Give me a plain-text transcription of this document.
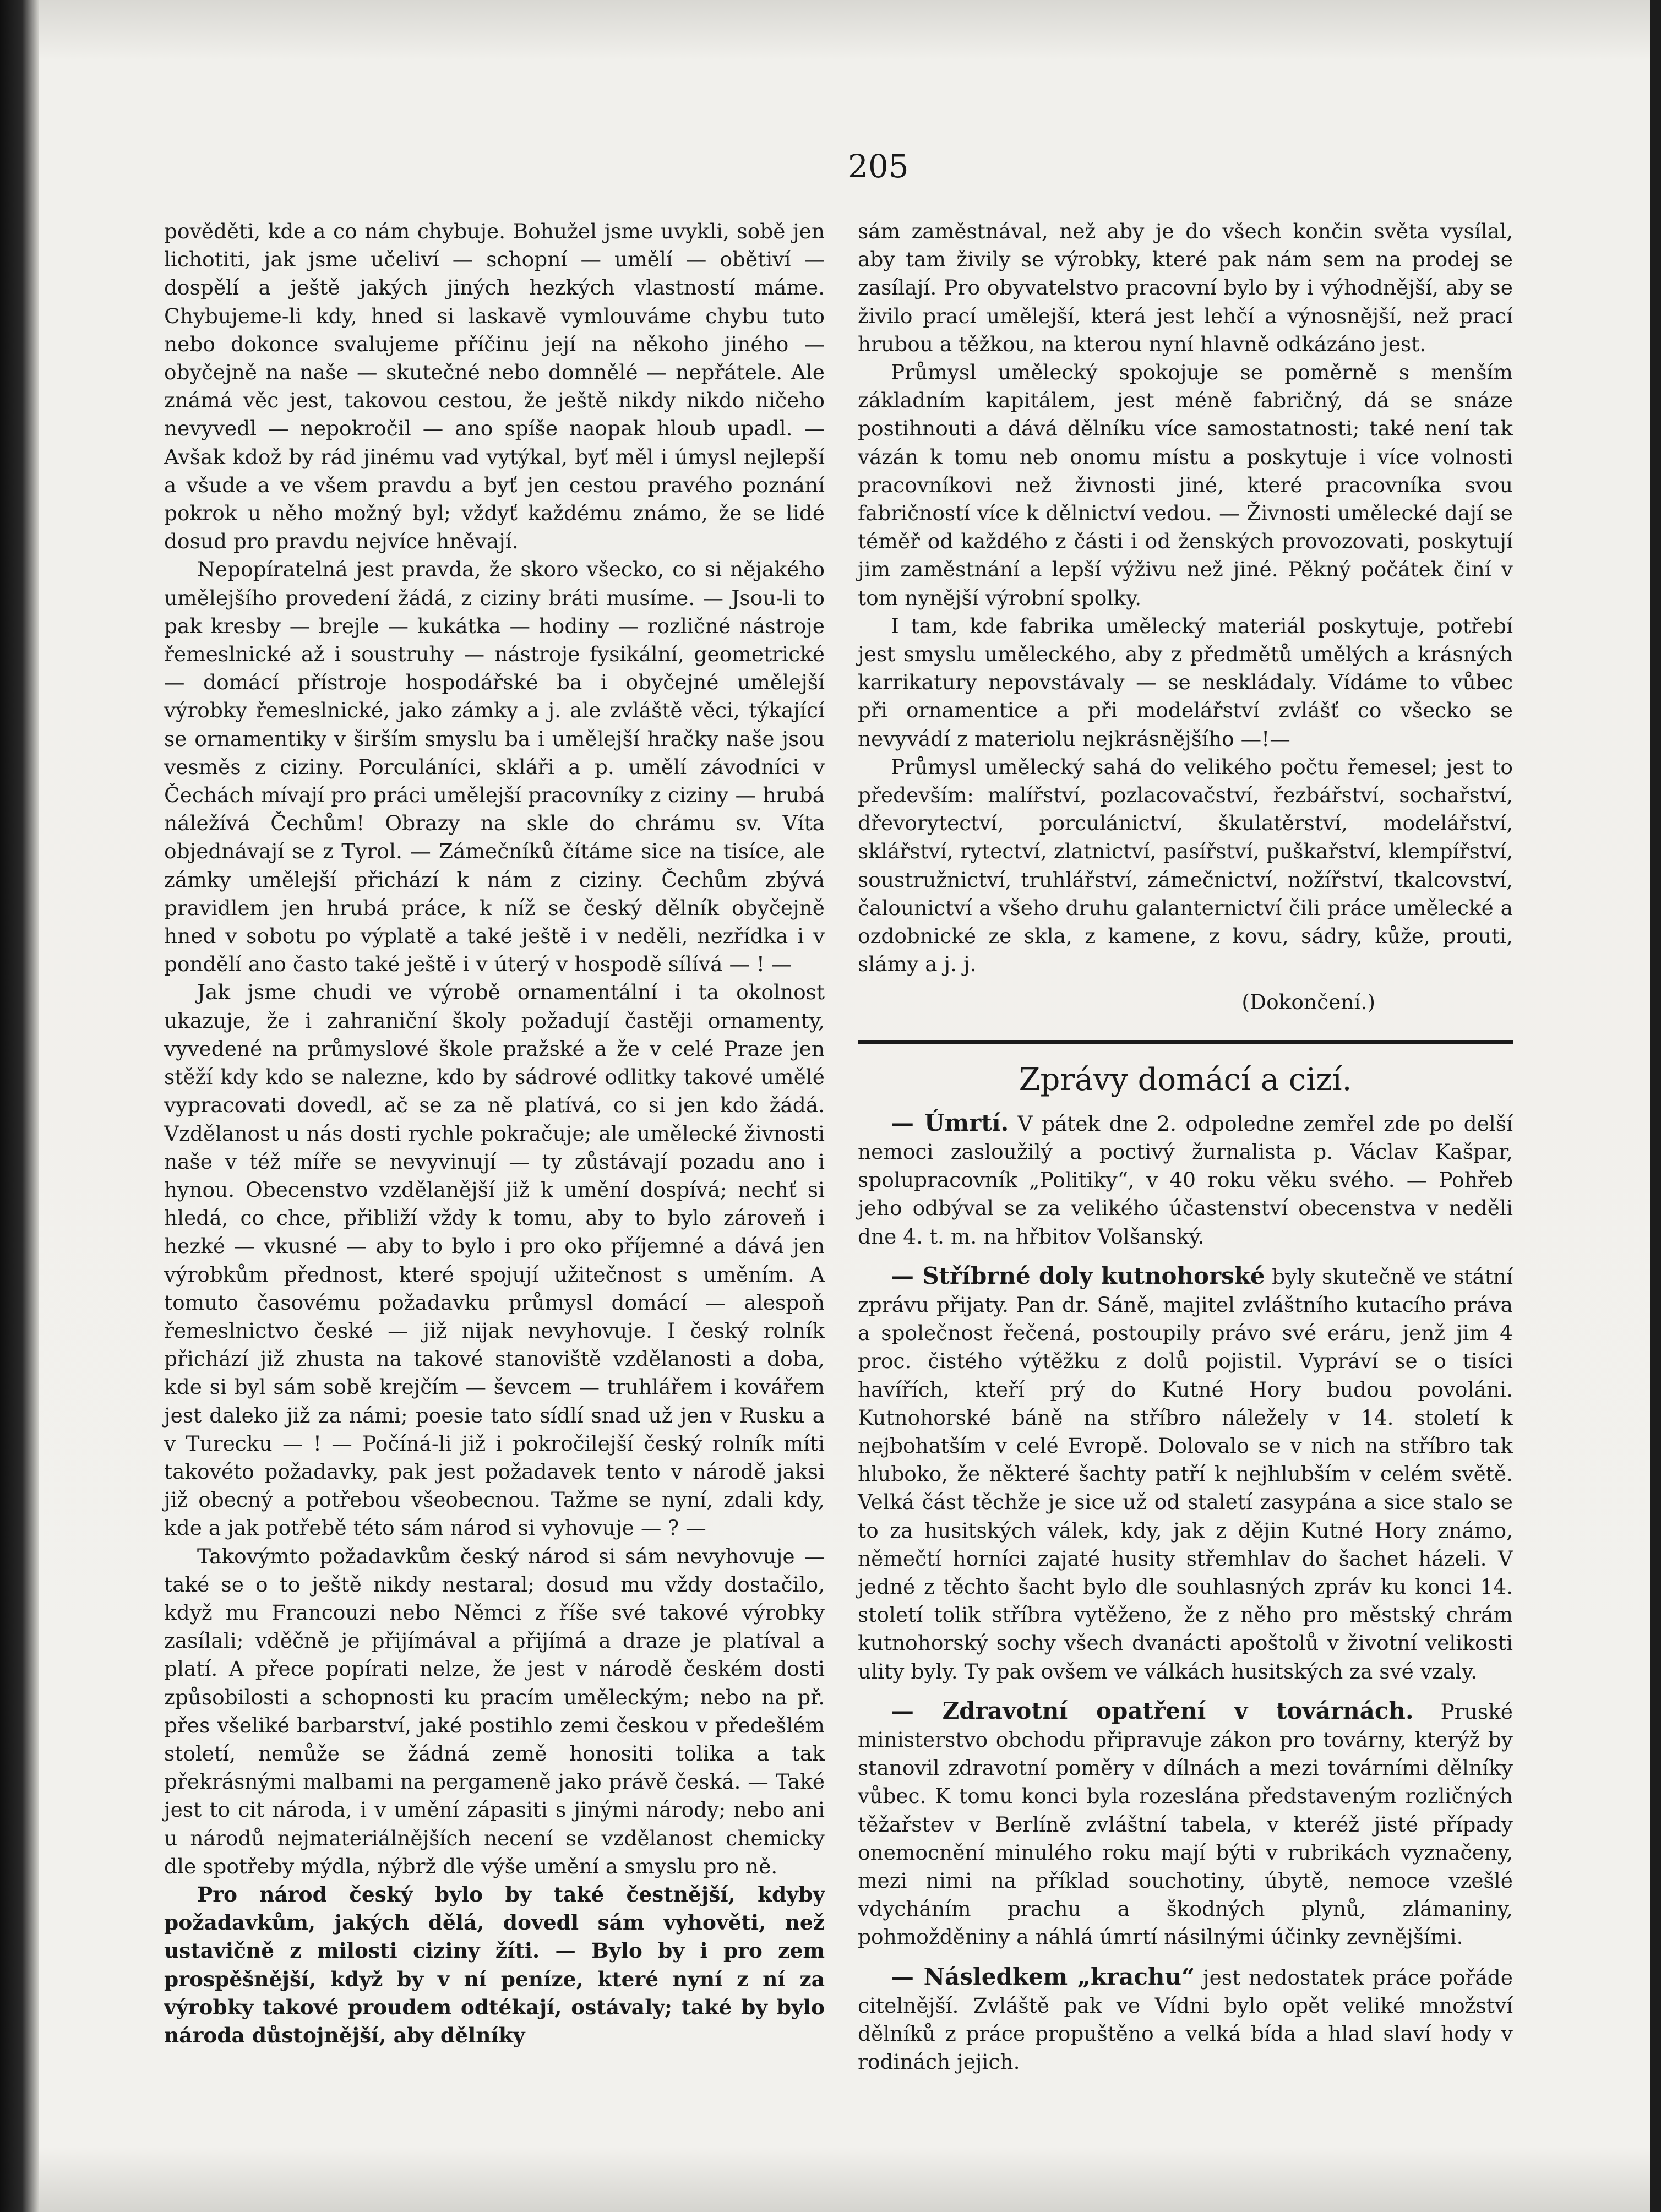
205

pověděti, kde a co nám chybuje. Bohužel jsme uvykli, sobě jen lichotiti, jak jsme učeliví — schopní — umělí — obětiví — dospělí a ještě jakých jiných hezkých vlastností máme. Chybujeme-li kdy, hned si laskavě vymlouváme chybu tuto nebo dokonce svalujeme příčinu její na někoho jiného — obyčejně na naše — skutečné nebo domnělé — nepřátele. Ale známá věc jest, takovou cestou, že ještě nikdy nikdo ničeho nevyvedl — nepokročil — ano spíše naopak hloub upadl. — Avšak kdož by rád jinému vad vytýkal, byť měl i úmysl nejlepší a všude a ve všem pravdu a byť jen cestou pravého poznání pokrok u něho možný byl; vždyť každému známo, že se lidé dosud pro pravdu nejvíce hněvají.

Nepopíratelná jest pravda, že skoro všecko, co si nějakého umělejšího provedení žádá, z ciziny bráti musíme. — Jsou-li to pak kresby — brejle — kukátka — hodiny — rozličné nástroje řemeslnické až i soustruhy — nástroje fysikální, geometrické — domácí přístroje hospodářské ba i obyčejné umělejší výrobky řemeslnické, jako zámky a j. ale zvláště věci, týkající se ornamentiky v širším smyslu ba i umělejší hračky naše jsou vesměs z ciziny. Porculáníci, skláři a p. umělí závodníci v Čechách mívají pro práci umělejší pracovníky z ciziny — hrubá náležívá Čechům! Obrazy na skle do chrámu sv. Víta objednávají se z Tyrol. — Zámečníků čítáme sice na tisíce, ale zámky umělejší přichází k nám z ciziny. Čechům zbývá pravidlem jen hrubá práce, k níž se český dělník obyčejně hned v sobotu po výplatě a také ještě i v neděli, nezřídka i v pondělí ano často také ještě i v úterý v hospodě sílívá — ! —

Jak jsme chudi ve výrobě ornamentální i ta okolnost ukazuje, že i zahraniční školy požadují častěji ornamenty, vyvedené na průmyslové škole pražské a že v celé Praze jen stěží kdy kdo se nalezne, kdo by sádrové odlitky takové umělé vypracovati dovedl, ač se za ně platívá, co si jen kdo žádá. Vzdělanost u nás dosti rychle pokračuje; ale umělecké živnosti naše v též míře se nevyvinují — ty zůstávají pozadu ano i hynou. Obecenstvo vzdělanější již k umění dospívá; nechť si hledá, co chce, přibliží vždy k tomu, aby to bylo zároveň i hezké — vkusné — aby to bylo i pro oko příjemné a dává jen výrobkům přednost, které spojují užitečnost s uměním. A tomuto časovému požadavku průmysl domácí — alespoň řemeslnictvo české — již nijak nevyhovuje. I český rolník přichází již zhusta na takové stanoviště vzdělanosti a doba, kde si byl sám sobě krejčím — ševcem — truhlářem i kovářem jest daleko již za námi; poesie tato sídlí snad už jen v Rusku a v Turecku — ! — Počíná-li již i pokročilejší český rolník míti takovéto požadavky, pak jest požadavek tento v národě jaksi již obecný a potřebou všeobecnou. Tažme se nyní, zdali kdy, kde a jak potřebě této sám národ si vyhovuje — ? —

Takovýmto požadavkům český národ si sám nevyhovuje — také se o to ještě nikdy nestaral; dosud mu vždy dostačilo, když mu Francouzi nebo Němci z říše své takové výrobky zasílali; vděčně je přijímával a přijímá a draze je platíval a platí. A přece popírati nelze, že jest v národě českém dosti způsobilosti a schopnosti ku pracím uměleckým; nebo na př. přes všeliké barbarství, jaké postihlo zemi českou v předešlém století, nemůže se žádná země honositi tolika a tak překrásnými malbami na pergameně jako právě česká. — Také jest to cit národa, i v umění zápasiti s jinými národy; nebo ani u národů nejmateriálnějších necení se vzdělanost chemicky dle spotřeby mýdla, nýbrž dle výše umění a smyslu pro ně.

Pro národ český bylo by také čestnější, kdyby požadavkům, jakých dělá, dovedl sám vyhověti, než ustavičně z milosti ciziny žíti. — Bylo by i pro zem prospěšnější, když by v ní peníze, které nyní z ní za výrobky takové proudem odtékají, ostávaly; také by bylo národa důstojnější, aby dělníky

sám zaměstnával, než aby je do všech končin světa vysílal, aby tam živily se výrobky, které pak nám sem na prodej se zasílají. Pro obyvatelstvo pracovní bylo by i výhodnější, aby se živilo prací umělejší, která jest lehčí a výnosnější, než prací hrubou a těžkou, na kterou nyní hlavně odkázáno jest.

Průmysl umělecký spokojuje se poměrně s menším základním kapitálem, jest méně fabričný, dá se snáze postihnouti a dává dělníku více samostatnosti; také není tak vázán k tomu neb onomu místu a poskytuje i více volnosti pracovníkovi než živnosti jiné, které pracovníka svou fabričností více k dělnictví vedou. — Živnosti umělecké dají se téměř od každého z části i od ženských provozovati, poskytují jim zaměstnání a lepší výživu než jiné. Pěkný počátek činí v tom nynější výrobní spolky.

I tam, kde fabrika umělecký materiál poskytuje, potřebí jest smyslu uměleckého, aby z předmětů umělých a krásných karrikatury nepovstávaly — se neskládaly. Vídáme to vůbec při ornamentice a při modelářství zvlášť co všecko se nevyvádí z materiolu nejkrásnějšího —!—

Průmysl umělecký sahá do velikého počtu řemesel; jest to především: malířství, pozlacovačství, řezbářství, sochařství, dřevorytectví, porculánictví, škulatěrství, modelářství, sklářství, rytectví, zlatnictví, pasířství, puškařství, klempířství, soustružnictví, truhlářství, zámečnictví, nožířství, tkalcovství, čalounictví a všeho druhu galanternictví čili práce umělecké a ozdobnické ze skla, z kamene, z kovu, sádry, kůže, prouti, slámy a j. j.

(Dokončení.)

Zprávy domácí a cizí.

— Úmrtí. V pátek dne 2. odpoledne zemřel zde po delší nemoci zasloužilý a poctivý žurnalista p. Václav Kašpar, spolupracovník „Politiky“, v 40 roku věku svého. — Pohřeb jeho odbýval se za velikého účastenství obecenstva v neděli dne 4. t. m. na hřbitov Volšanský.

— Stříbrné doly kutnohorské byly skutečně ve státní zprávu přijaty. Pan dr. Sáně, majitel zvláštního kutacího práva a společnost řečená, postoupily právo své eráru, jenž jim 4 proc. čistého výtěžku z dolů pojistil. Vypráví se o tisíci havířích, kteří prý do Kutné Hory budou povoláni. Kutnohorské báně na stříbro náležely v 14. století k nejbohatším v celé Evropě. Dolovalo se v nich na stříbro tak hluboko, že některé šachty patří k nejhlubším v celém světě. Velká část těchže je sice už od staletí zasypána a sice stalo se to za husitských válek, kdy, jak z dějin Kutné Hory známo, němečtí horníci zajaté husity střemhlav do šachet házeli. V jedné z těchto šacht bylo dle souhlasných zpráv ku konci 14. století tolik stříbra vytěženo, že z něho pro městský chrám kutnohorský sochy všech dvanácti apoštolů v životní velikosti ulity byly. Ty pak ovšem ve válkách husitských za své vzaly.

— Zdravotní opatření v továrnách. Pruské ministerstvo obchodu připravuje zákon pro továrny, kterýž by stanovil zdravotní poměry v dílnách a mezi továrními dělníky vůbec. K tomu konci byla rozeslána představeným rozličných těžařstev v Berlíně zvláštní tabela, v kteréž jisté případy onemocnění minulého roku mají býti v rubrikách vyznačeny, mezi nimi na příklad souchotiny, úbytě, nemoce vzešlé vdycháním prachu a škodných plynů, zlámaniny, pohmožděniny a náhlá úmrtí násilnými účinky zevnějšími.

— Následkem „krachu“ jest nedostatek práce pořáde citelnější. Zvláště pak ve Vídni bylo opět veliké množství dělníků z práce propuštěno a velká bída a hlad slaví hody v rodinách jejich.
